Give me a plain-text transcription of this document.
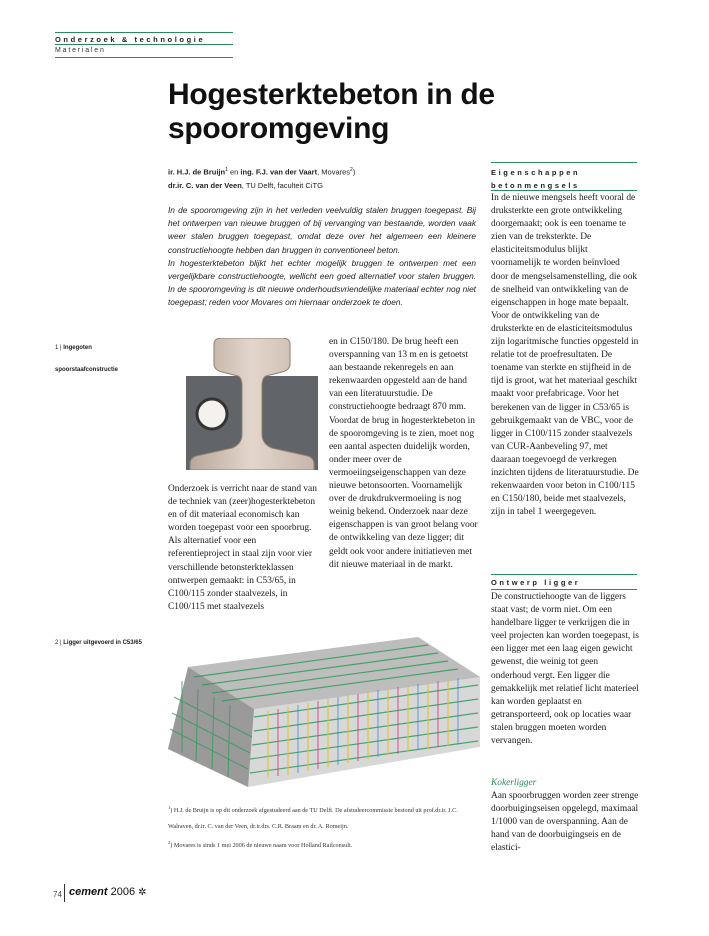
Onderzoek & technologie
Materialen
Hogesterktebeton in de spooromgeving
ir. H.J. de Bruijn$^1$ en ing. F.J. van der Vaart, Movares$^2$)
dr.ir. C. van der Veen, TU Delft, faculteit CiTG
In de spooromgeving zijn in het verleden veelvuldig stalen bruggen toegepast. Bij het ontwerpen van nieuwe bruggen of bij vervanging van bestaande, worden vaak weer stalen bruggen toegepast, omdat deze over het algemeen een kleinere constructiehoogte hebben dan bruggen in conventioneel beton.
In hogesterktebeton blijkt het echter mogelijk bruggen te ontwerpen met een vergelijkbare constructiehoogte, wellicht een goed alternatief voor stalen bruggen. In de spooromgeving is dit nieuwe onderhoudsvriendelijke materiaal echter nog niet toegepast; reden voor Movares om hiernaar onderzoek te doen.
1 | Ingegoten spoorstaafconstructie

Onderzoek is verricht naar de stand van de techniek van (zeer)hogesterktebeton en of dit materiaal economisch kan worden toegepast voor een spoorbrug. Als alternatief voor een referentieproject in staal zijn voor vier verschillende betonsterkteklassen ontwerpen gemaakt: in C53/65, in C100/115 zonder staalvezels, in C100/115 met staalvezels

en in C150/180. De brug heeft een overspanning van 13 m en is getoetst aan bestaande rekenregels en aan rekenwaarden opgesteld aan de hand van een literatuurstudie. De constructiehoogte bedraagt 870 mm.

Voordat de brug in hogesterktebeton in de spooromgeving is te zien, moet nog een aantal aspecten duidelijk worden, onder meer over de vermoeiingseigenschappen van deze nieuwe betonsoorten. Voornamelijk over de drukdrukvermoeiing is nog weinig bekend. Onderzoek naar deze eigenschappen is van groot belang voor de ontwikkeling van deze ligger; dit geldt ook voor andere initiatieven met dit nieuwe materiaal in de markt.

2 | Ligger uitgevoerd in C53/65
Eigenschappen betonmengsels

In de nieuwe mengsels heeft vooral de druksterkte een grote ontwikkeling doorgemaakt; ook is een toename te zien van de treksterkte. De elasticiteitsmodulus blijkt voornamelijk te worden beïnvloed door de mengselsamenstelling, die ook de snelheid van ontwikkeling van de eigenschappen in hoge mate bepaalt. Voor de ontwikkeling van de druksterkte en de elasticiteitsmodulus zijn logaritmische functies opgesteld in relatie tot de proefresultaten. De toename van sterkte en stijfheid in de tijd is groot, wat het materiaal geschikt maakt voor prefabricage. Voor het berekenen van de ligger in C53/65 is gebruikgemaakt van de VBC, voor de ligger in C100/115 zonder staalvezels van CUR-Aanbeveling 97, met daaraan toegevoegd de verkregen inzichten tijdens de literatuurstudie. De rekenwaarden voor beton in C100/115 en C150/180, beide met staalvezels, zijn in tabel 1 weergegeven.

Ontwerp ligger

De constructiehoogte van de liggers staat vast; de vorm niet. Om een handelbare ligger te verkrijgen die in veel projecten kan worden toegepast, is een ligger met een laag eigen gewicht gewenst, die weinig tot geen onderhoud vergt. Een ligger die gemakkelijk met relatief licht materieel kan worden geplaatst en getransporteerd, ook op locaties waar stalen bruggen moeten worden vervangen.

Kokerligger

Aan spoorbruggen worden zeer strenge doorbuigingseisen opgelegd, maximaal 1/1000 van de overspanning. Aan de hand van de doorbuigingseis en de elastici-

$^1$) H.J. de Bruijn is op dit onderzoek afgestudeerd aan de TU Delft. De afstudeercommissie bestond uit prof.dr.ir. J.C. Walraven, dr.ir. C. van der Veen, dr.ir.drs. C.R. Braam en dr. A. Romeijn.
$^2$) Movares is sinds 1 mei 2006 de nieuwe naam voor Holland Railconsult.
74 cement 2006 ✲
